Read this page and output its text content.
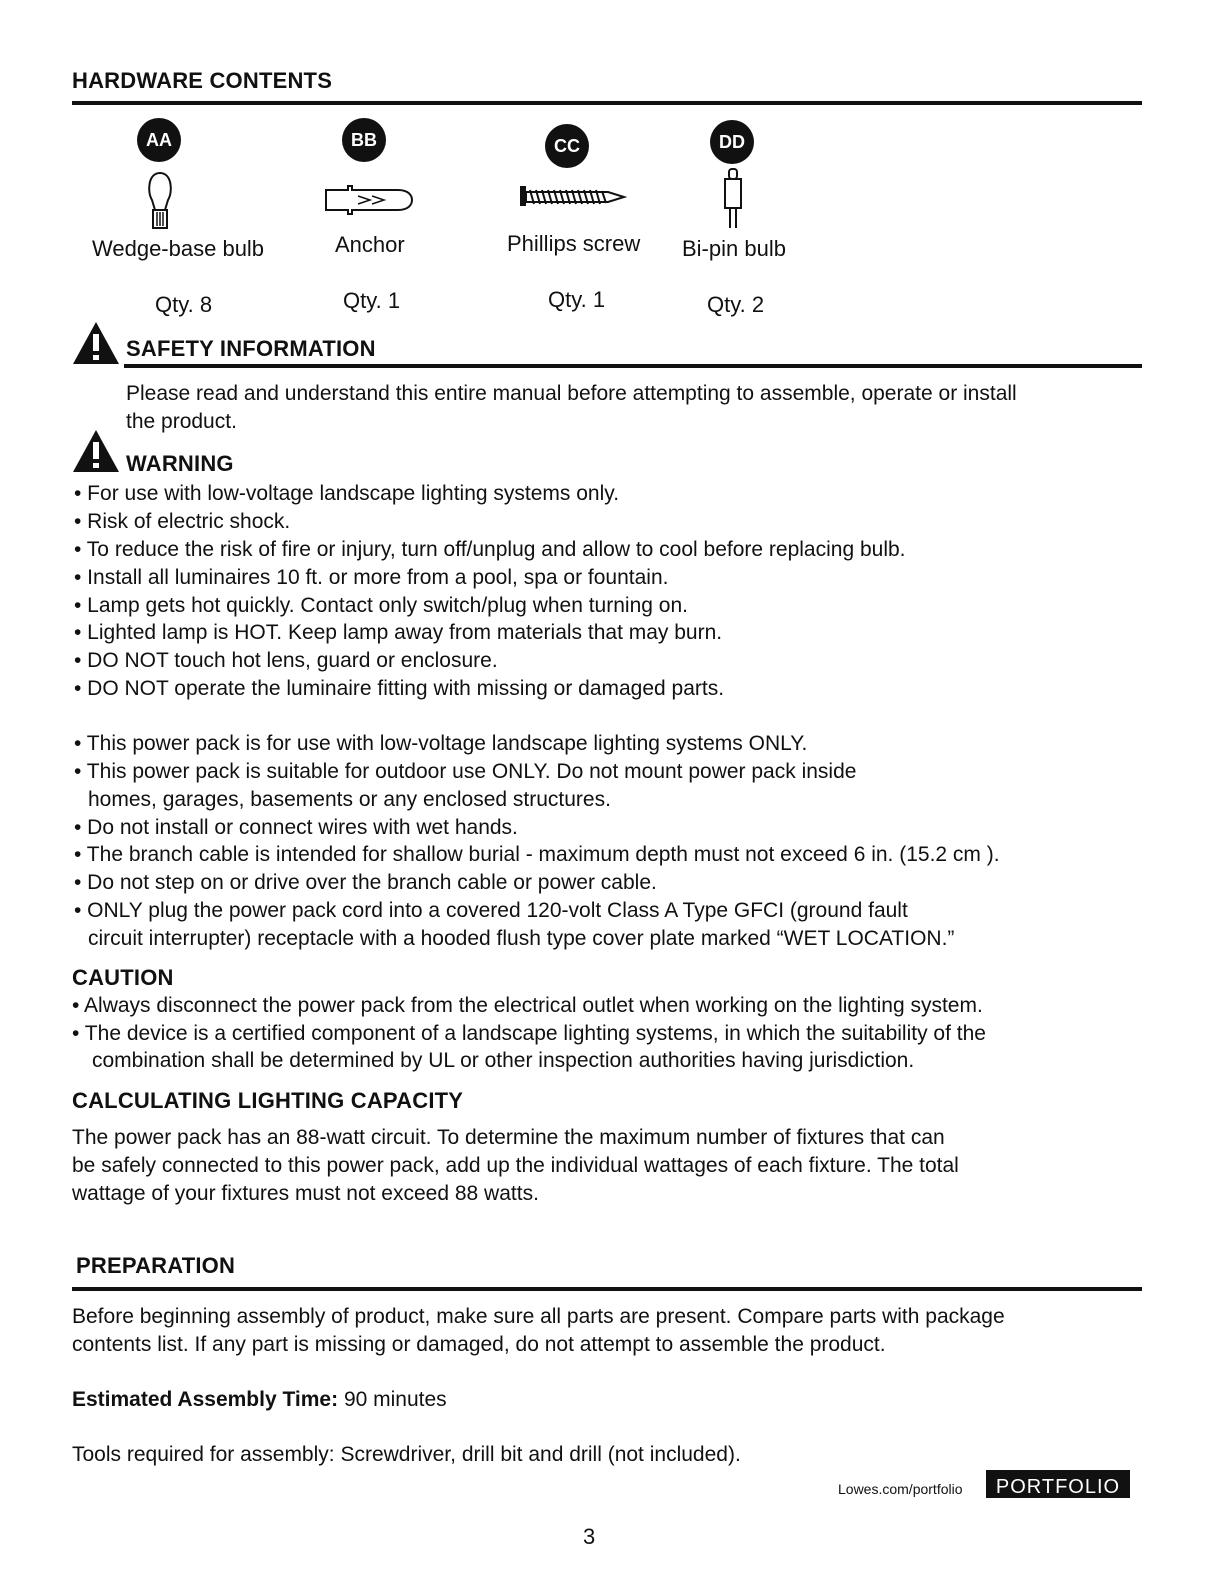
HARDWARE CONTENTS
AA
Wedge-base bulb
Qty. 8
BB
Anchor
Qty. 1
CC
Phillips screw
Qty. 1
DD
Bi-pin bulb
Qty. 2
SAFETY INFORMATION
Please read and understand this entire manual before attempting to assemble, operate or install
the product.
WARNING
• For use with low-voltage landscape lighting systems only.
• Risk of electric shock.
• To reduce the risk of fire or injury, turn off/unplug and allow to cool before replacing bulb.
• Install all luminaires 10 ft. or more from a pool, spa or fountain.
• Lamp gets hot quickly. Contact only switch/plug when turning on.
• Lighted lamp is HOT. Keep lamp away from materials that may burn.
• DO NOT touch hot lens, guard or enclosure.
• DO NOT operate the luminaire fitting with missing or damaged parts.
• This power pack is for use with low-voltage landscape lighting systems ONLY.
• This power pack is suitable for outdoor use ONLY. Do not mount power pack inside
homes, garages, basements or any enclosed structures.
• Do not install or connect wires with wet hands.
• The branch cable is intended for shallow burial - maximum depth must not exceed 6 in. (15.2 cm ).
• Do not step on or drive over the branch cable or power cable.
• ONLY plug the power pack cord into a covered 120-volt Class A Type GFCI (ground fault
circuit interrupter) receptacle with a hooded flush type cover plate marked “WET LOCATION.”
CAUTION
• Always disconnect the power pack from the electrical outlet when working on the lighting system.
• The device is a certified component of a landscape lighting systems, in which the suitability of the
combination shall be determined by UL or other inspection authorities having jurisdiction.
CALCULATING LIGHTING CAPACITY
The power pack has an 88-watt circuit. To determine the maximum number of fixtures that can
be safely connected to this power pack, add up the individual wattages of each fixture. The total
wattage of your fixtures must not exceed 88 watts.
PREPARATION
Before beginning assembly of product, make sure all parts are present. Compare parts with package
contents list. If any part is missing or damaged, do not attempt to assemble the product.
Estimated Assembly Time: 90 minutes
Tools required for assembly: Screwdriver, drill bit and drill (not included).
Lowes.com/portfolio	PORTFOLIO
3
